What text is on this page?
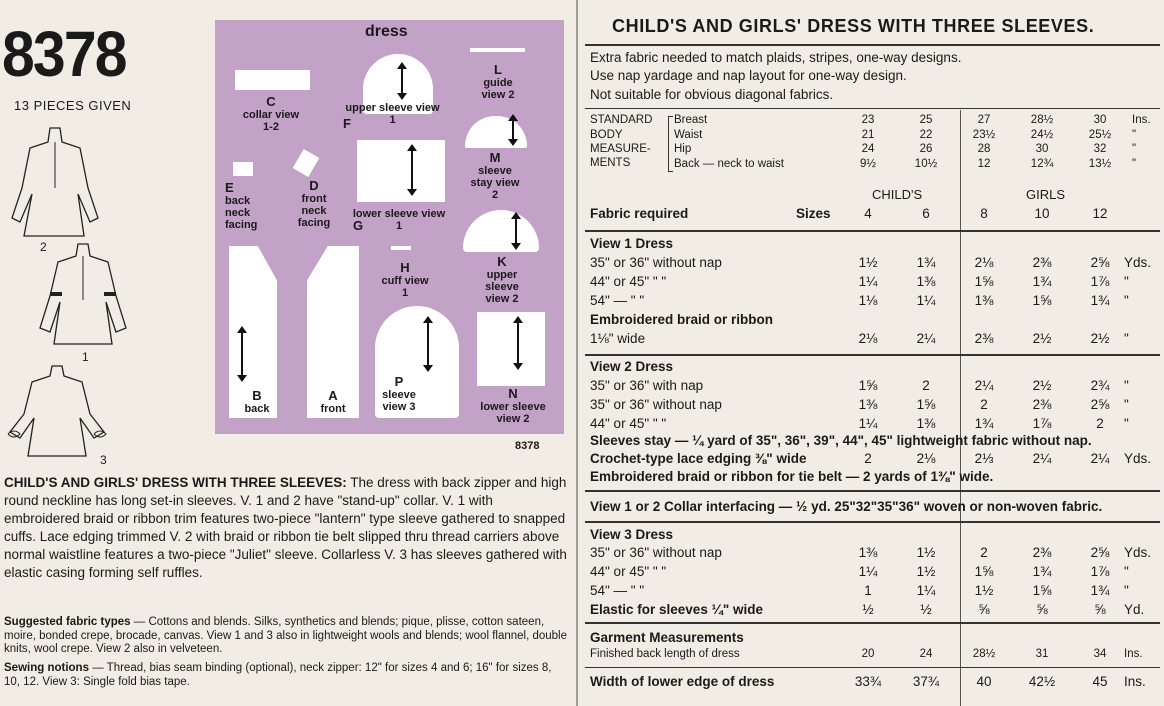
8378
13 PIECES GIVEN
2
1
3
dress
C
collar view 1-2
upper sleeve view 1
F
L
guide view 2
M
sleeve stay view 2
E
back neck facing
D
front neck facing
lower sleeve view 1
G
K
upper sleeve view 2
H
cuff view 1
B
back
A
front
P
sleeve view 3
N
lower sleeve view 2
8378
CHILD'S AND GIRLS' DRESS WITH THREE SLEEVES: The dress with back zipper and high round neckline has long set-in sleeves. V. 1 and 2 have "stand-up" collar. V. 1 with embroidered braid or ribbon trim features two-piece "lantern" type sleeve gathered to snapped cuffs. Lace edging trimmed V. 2 with braid or ribbon tie belt slipped thru thread carriers above normal waistline features a two-piece "Juliet" sleeve. Collarless V. 3 has sleeves gathered with elastic casing forming self ruffles.
Suggested fabric types — Cottons and blends. Silks, synthetics and blends; pique, plisse, cotton sateen, moire, bonded crepe, brocade, canvas. View 1 and 3 also in lightweight wools and blends; wool flannel, double knits, wool crepe. View 2 also in velveteen.
Sewing notions — Thread, bias seam binding (optional), neck zipper: 12" for sizes 4 and 6; 16" for sizes 8, 10, 12. View 3: Single fold bias tape.
CHILD'S AND GIRLS' DRESS WITH THREE SLEEVES.
Extra fabric needed to match plaids, stripes, one-way designs.
Use nap yardage and nap layout for one-way design.
Not suitable for obvious diagonal fabrics.
STANDARD
BODY
MEASURE-
MENTS
Breast	23	25	27	28½	30	Ins.
Waist	21	22	23½	24½	25½	"
Hip	24	26	28	30	32	"
Back — neck to waist	9½	10½	12	12¾	13½	"
CHILD'S	GIRLS
Fabric required	Sizes	4	6	8	10	12
View 1 Dress
35" or 36" without nap	1½	1¾	2⅛	2⅜	2⅝	Yds.
44" or 45" " "	1¼	1⅜	1⅝	1¾	1⅞	"
54" — " "	1⅛	1¼	1⅜	1⅝	1¾	"
Embroidered braid or ribbon
1⅛" wide	2⅛	2¼	2⅜	2½	2½	"
View 2 Dress
35" or 36" with nap	1⅝	2	2¼	2½	2¾	"
35" or 36" without nap	1⅜	1⅝	2	2⅜	2⅝	"
44" or 45" " "	1¼	1⅜	1¾	1⅞	2	"
Sleeves stay — ¼ yard of 35", 36", 39", 44", 45" lightweight fabric without nap.
Crochet-type lace edging ⅜" wide	2	2⅛	2⅓	2¼	2¼	Yds.
Embroidered braid or ribbon for tie belt — 2 yards of 1⅜" wide.
View 1 or 2 Collar interfacing — ½ yd. 25"32"35"36" woven or non-woven fabric.
View 3 Dress
35" or 36" without nap	1⅜	1½	2	2⅜	2⅝	Yds.
44" or 45" " "	1¼	1½	1⅝	1¾	1⅞	"
54" — " "	1	1¼	1½	1⅝	1¾	"
Elastic for sleeves ¼" wide	½	½	⅝	⅝	⅝	Yd.
Garment Measurements
Finished back length of dress	20	24	28½	31	34	Ins.
Width of lower edge of dress	33¾	37¾	40	42½	45	Ins.
